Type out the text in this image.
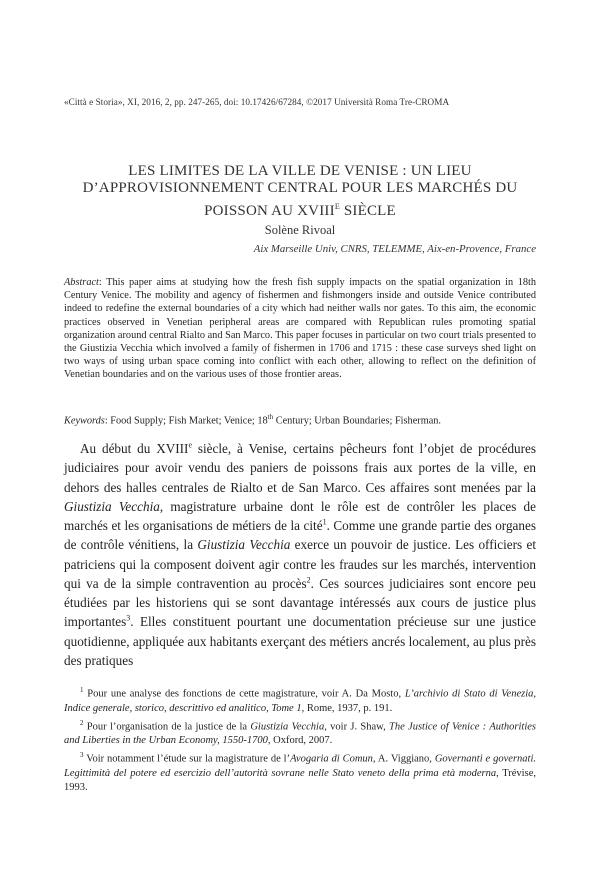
«Città e Storia», XI, 2016, 2, pp. 247-265, doi: 10.17426/67284, ©2017 Università Roma Tre-CROMA
LES LIMITES DE LA VILLE DE VENISE : UN LIEU
D’APPROVISIONNEMENT CENTRAL POUR LES MARCHÉS DU
POISSON AU $XVIII^E$ SIÈCLE
Solène Rivoal
Aix Marseille Univ, CNRS, TELEMME, Aix-en-Provence, France
Abstract: This paper aims at studying how the fresh fish supply impacts on the spatial organization in 18th Century Venice. The mobility and agency of fishermen and fishmongers inside and outside Venice contributed indeed to redefine the external boundaries of a city which had neither walls nor gates. To this aim, the economic practices observed in Venetian peripheral areas are compared with Republican rules promoting spatial organization around central Rialto and San Marco. This paper focuses in particular on two court trials presented to the Giustizia Vecchia which involved a family of fishermen in 1706 and 1715 : these case surveys shed light on two ways of using urban space coming into conflict with each other, allowing to reflect on the definition of Venetian boundaries and on the various uses of those frontier areas.
Keywords: Food Supply; Fish Market; Venice; 18th Century; Urban Boundaries; Fisherman.
Au début du XVIIIe siècle, à Venise, certains pêcheurs font l’objet de procédures judiciaires pour avoir vendu des paniers de poissons frais aux portes de la ville, en dehors des halles centrales de Rialto et de San Marco. Ces affaires sont menées par la Giustizia Vecchia, magistrature urbaine dont le rôle est de contrôler les places de marchés et les organisations de métiers de la cité$^1$. Comme une grande partie des organes de contrôle vénitiens, la Giustizia Vecchia exerce un pouvoir de justice. Les officiers et patriciens qui la composent doivent agir contre les fraudes sur les marchés, intervention qui va de la simple contravention au procès$^2$. Ces sources judiciaires sont encore peu étudiées par les historiens qui se sont davantage intéressés aux cours de justice plus importantes$^3$. Elles constituent pourtant une documentation précieuse sur une justice quotidienne, appliquée aux habitants exerçant des métiers ancrés localement, au plus près des pratiques

$^1$ Pour une analyse des fonctions de cette magistrature, voir A. Da Mosto, L’archivio di Stato di Venezia, Indice generale, storico, descrittivo ed analitico, Tome 1, Rome, 1937, p. 191.

$^2$ Pour l’organisation de la justice de la Giustizia Vecchia, voir J. Shaw, The Justice of Venice : Authorities and Liberties in the Urban Economy, 1550-1700, Oxford, 2007.

$^3$ Voir notamment l’étude sur la magistrature de l’Avogaria di Comun, A. Viggiano, Governanti e governati. Legittimità del potere ed esercizio dell’autorità sovrane nelle Stato veneto della prima età moderna, Trévise, 1993.
